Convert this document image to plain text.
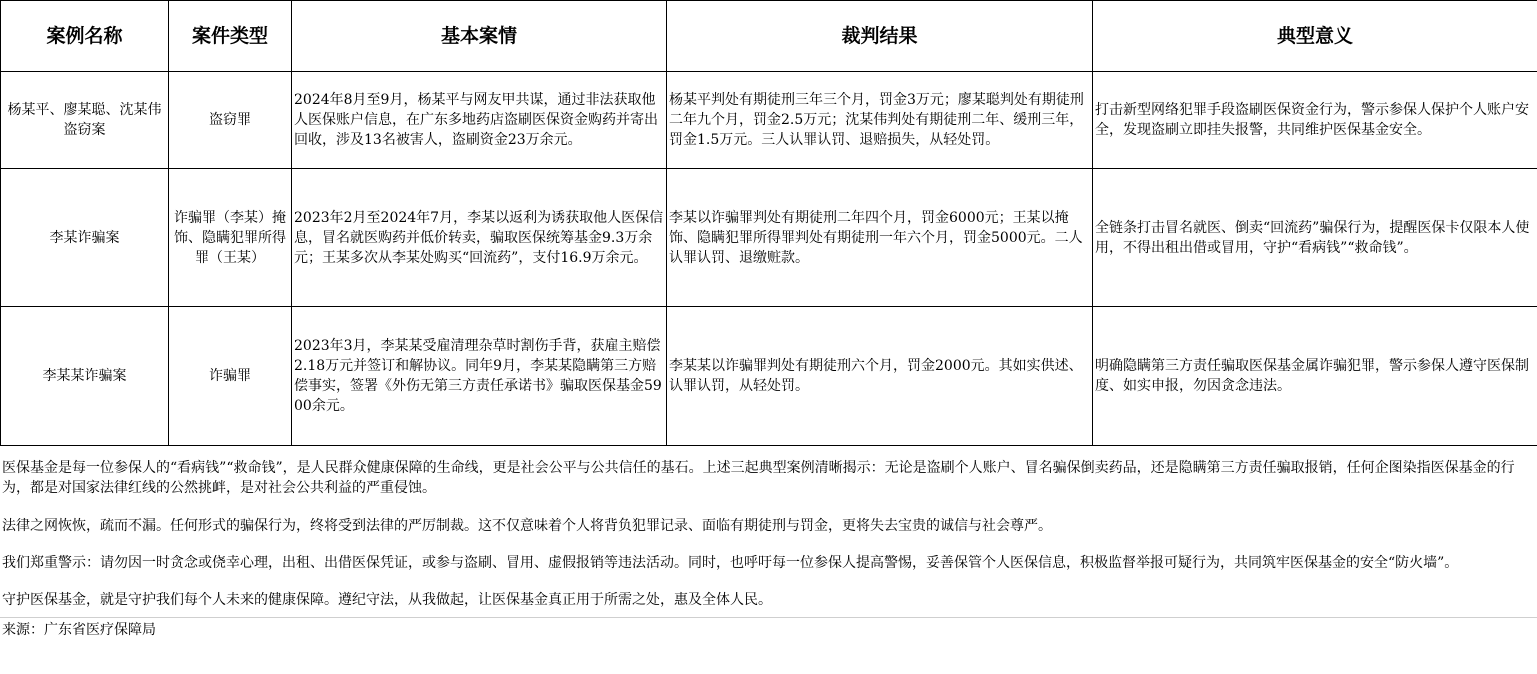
案例名称	案件类型	基本案情	裁判结果	典型意义
杨某平、廖某聪、沈某伟盗窃案	盗窃罪	2024年8月至9月，杨某平与网友甲共谋，通过非法获取他人医保账户信息，在广东多地药店盗刷医保资金购药并寄出回收，涉及13名被害人，盗刷资金23万余元。	杨某平判处有期徒刑三年三个月，罚金3万元；廖某聪判处有期徒刑二年九个月，罚金2.5万元；沈某伟判处有期徒刑二年、缓刑三年，罚金1.5万元。三人认罪认罚、退赔损失，从轻处罚。	打击新型网络犯罪手段盗刷医保资金行为，警示参保人保护个人账户安全，发现盗刷立即挂失报警，共同维护医保基金安全。
李某诈骗案	诈骗罪（李某）掩饰、隐瞒犯罪所得罪（王某）	2023年2月至2024年7月，李某以返利为诱获取他人医保信息，冒名就医购药并低价转卖，骗取医保统筹基金9.3万余元；王某多次从李某处购买“回流药”，支付16.9万余元。	李某以诈骗罪判处有期徒刑二年四个月，罚金6000元；王某以掩饰、隐瞒犯罪所得罪判处有期徒刑一年六个月，罚金5000元。二人认罪认罚、退缴赃款。	全链条打击冒名就医、倒卖“回流药”骗保行为，提醒医保卡仅限本人使用，不得出租出借或冒用，守护“看病钱”“救命钱”。
李某某诈骗案	诈骗罪	2023年3月，李某某受雇清理杂草时割伤手背，获雇主赔偿2.18万元并签订和解协议。同年9月，李某某隐瞒第三方赔偿事实，签署《外伤无第三方责任承诺书》骗取医保基金5900余元。	李某某以诈骗罪判处有期徒刑六个月，罚金2000元。其如实供述、认罪认罚，从轻处罚。	明确隐瞒第三方责任骗取医保基金属诈骗犯罪，警示参保人遵守医保制度、如实申报，勿因贪念违法。

医保基金是每一位参保人的“看病钱”“救命钱”，是人民群众健康保障的生命线，更是社会公平与公共信任的基石。上述三起典型案例清晰揭示：无论是盗刷个人账户、冒名骗保倒卖药品，还是隐瞒第三方责任骗取报销，任何企图染指医保基金的行为，都是对国家法律红线的公然挑衅，是对社会公共利益的严重侵蚀。

法律之网恢恢，疏而不漏。任何形式的骗保行为，终将受到法律的严厉制裁。这不仅意味着个人将背负犯罪记录、面临有期徒刑与罚金，更将失去宝贵的诚信与社会尊严。

我们郑重警示：请勿因一时贪念或侥幸心理，出租、出借医保凭证，或参与盗刷、冒用、虚假报销等违法活动。同时，也呼吁每一位参保人提高警惕，妥善保管个人医保信息，积极监督举报可疑行为，共同筑牢医保基金的安全“防火墙”。

守护医保基金，就是守护我们每个人未来的健康保障。遵纪守法，从我做起，让医保基金真正用于所需之处，惠及全体人民。

来源：广东省医疗保障局
